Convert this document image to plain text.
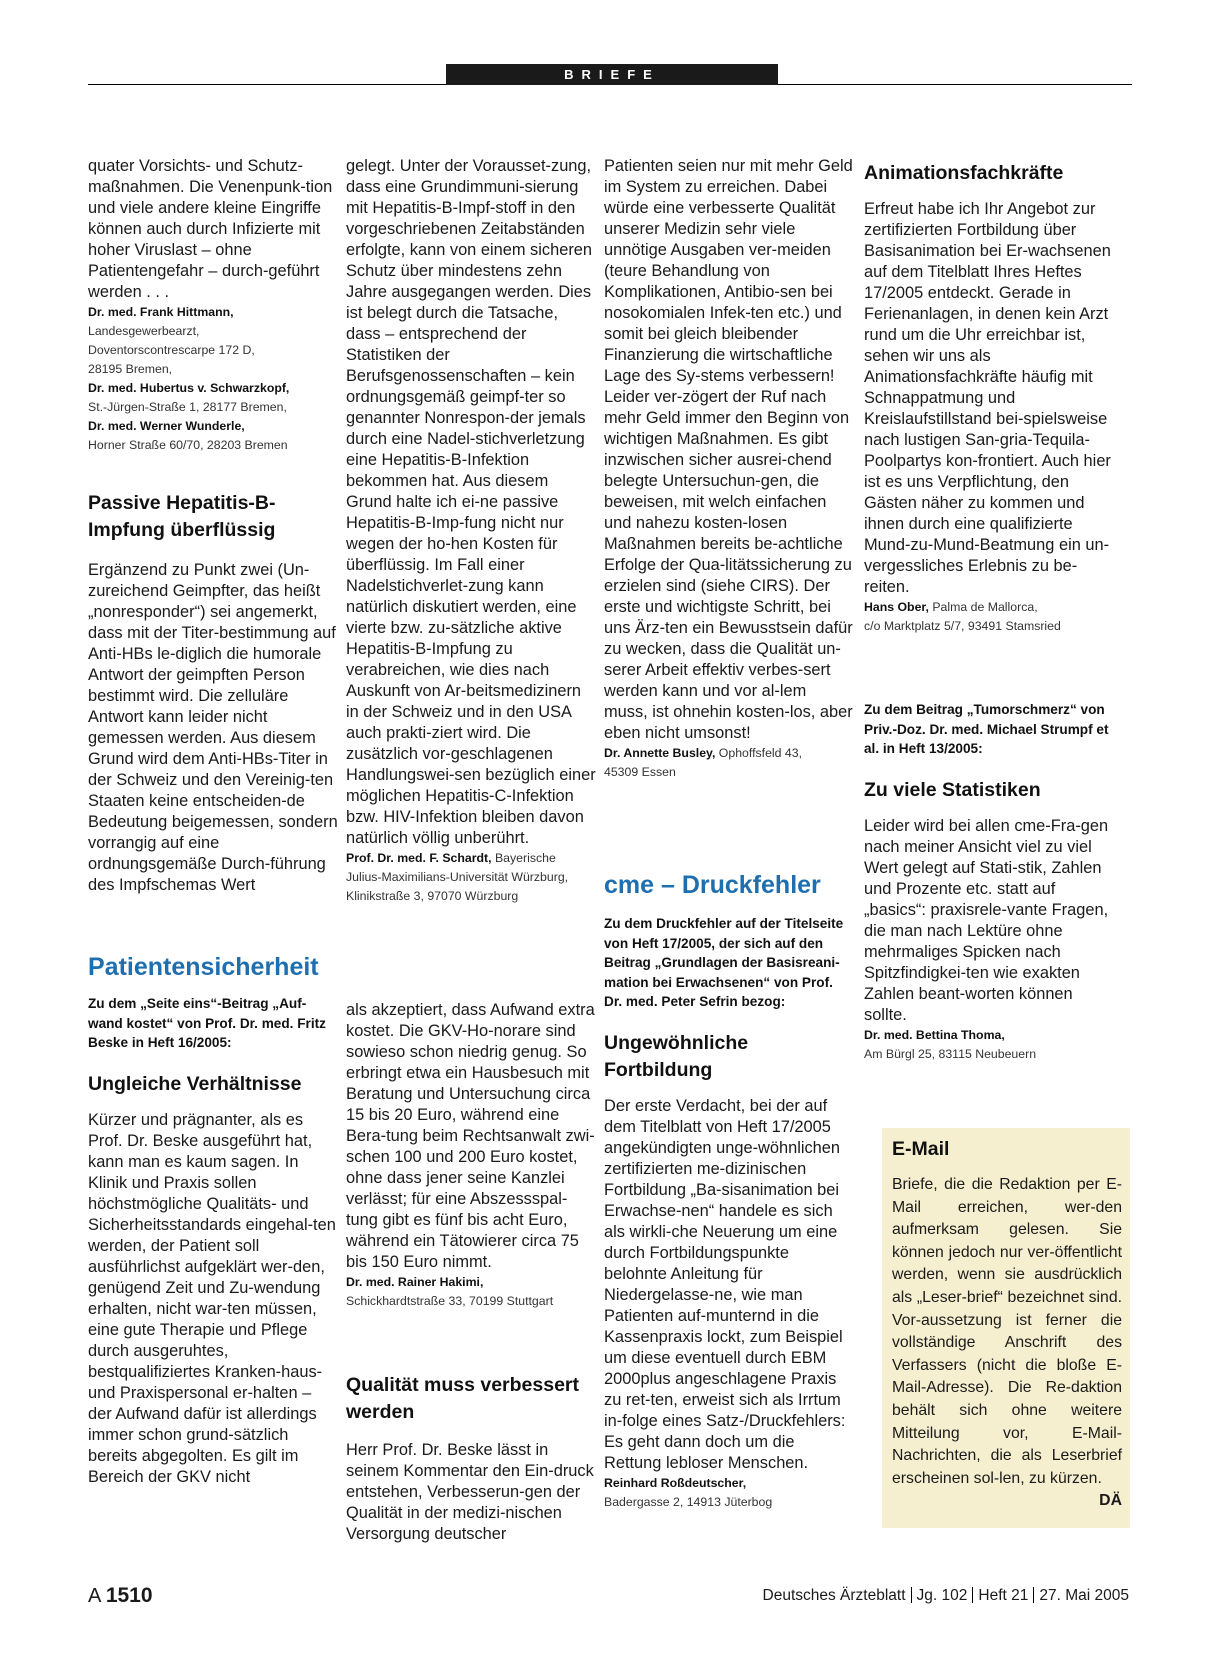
BRIEFE

quater Vorsichts- und Schutz-maßnahmen. Die Venenpunk-tion und viele andere kleine Eingriffe können auch durch Infizierte mit hoher Viruslast – ohne Patientengefahr – durch-geführt werden . . .

Dr. med. Frank Hittmann,
Landesgewerbearzt,
Doventorscontrescarpe 172 D,
28195 Bremen,
Dr. med. Hubertus v. Schwarzkopf,
St.-Jürgen-Straße 1, 28177 Bremen,
Dr. med. Werner Wunderle,
Horner Straße 60/70, 28203 Bremen
Passive Hepatitis-B-Impfung überflüssig

Ergänzend zu Punkt zwei (Un-zureichend Geimpfter, das heißt „nonresponder“) sei angemerkt, dass mit der Titer-bestimmung auf Anti-HBs le-diglich die humorale Antwort der geimpften Person bestimmt wird. Die zelluläre Antwort kann leider nicht gemessen werden. Aus diesem Grund wird dem Anti-HBs-Titer in der Schweiz und den Vereinig-ten Staaten keine entscheiden-de Bedeutung beigemessen, sondern vorrangig auf eine ordnungsgemäße Durch-führung des Impfschemas Wert

Patientensicherheit

Zu dem „Seite eins“-Beitrag „Auf-wand kostet“ von Prof. Dr. med. Fritz Beske in Heft 16/2005:

Ungleiche Verhältnisse

Kürzer und prägnanter, als es Prof. Dr. Beske ausgeführt hat, kann man es kaum sagen. In Klinik und Praxis sollen höchstmögliche Qualitäts- und Sicherheitsstandards eingehal-ten werden, der Patient soll ausführlichst aufgeklärt wer-den, genügend Zeit und Zu-wendung erhalten, nicht war-ten müssen, eine gute Therapie und Pflege durch ausgeruhtes, bestqualifiziertes Kranken-haus- und Praxispersonal er-halten – der Aufwand dafür ist allerdings immer schon grund-sätzlich bereits abgegolten. Es gilt im Bereich der GKV nicht

gelegt. Unter der Vorausset-zung, dass eine Grundimmuni-sierung mit Hepatitis-B-Impf-stoff in den vorgeschriebenen Zeitabständen erfolgte, kann von einem sicheren Schutz über mindestens zehn Jahre ausgegangen werden. Dies ist belegt durch die Tatsache, dass – entsprechend der Statistiken der Berufsgenossenschaften – kein ordnungsgemäß geimpf-ter so genannter Nonrespon-der jemals durch eine Nadel-stichverletzung eine Hepatitis-B-Infektion bekommen hat. Aus diesem Grund halte ich ei-ne passive Hepatitis-B-Imp-fung nicht nur wegen der ho-hen Kosten für überflüssig. Im Fall einer Nadelstichverlet-zung kann natürlich diskutiert werden, eine vierte bzw. zu-sätzliche aktive Hepatitis-B-Impfung zu verabreichen, wie dies nach Auskunft von Ar-beitsmedizinern in der Schweiz und in den USA auch prakti-ziert wird. Die zusätzlich vor-geschlagenen Handlungswei-sen bezüglich einer möglichen Hepatitis-C-Infektion bzw. HIV-Infektion bleiben davon natürlich völlig unberührt.

Prof. Dr. med. F. Schardt, Bayerische
Julius-Maximilians-Universität Würzburg,
Klinikstraße 3, 97070 Würzburg

als akzeptiert, dass Aufwand extra kostet. Die GKV-Ho-norare sind sowieso schon niedrig genug. So erbringt etwa ein Hausbesuch mit Beratung und Untersuchung circa 15 bis 20 Euro, während eine Bera-tung beim Rechtsanwalt zwi-schen 100 und 200 Euro kostet, ohne dass jener seine Kanzlei verlässt; für eine Abszessspal-tung gibt es fünf bis acht Euro, während ein Tätowierer circa 75 bis 150 Euro nimmt.

Dr. med. Rainer Hakimi,
Schickhardtstraße 33, 70199 Stuttgart
Qualität muss verbessert werden

Herr Prof. Dr. Beske lässt in seinem Kommentar den Ein-druck entstehen, Verbesserun-gen der Qualität in der medizi-nischen Versorgung deutscher

Patienten seien nur mit mehr Geld im System zu erreichen. Dabei würde eine verbesserte Qualität unserer Medizin sehr viele unnötige Ausgaben ver-meiden (teure Behandlung von Komplikationen, Antibio-sen bei nosokomialen Infek-ten etc.) und somit bei gleich bleibender Finanzierung die wirtschaftliche Lage des Sy-stems verbessern! Leider ver-zögert der Ruf nach mehr Geld immer den Beginn von wichtigen Maßnahmen. Es gibt inzwischen sicher ausrei-chend belegte Untersuchun-gen, die beweisen, mit welch einfachen und nahezu kosten-losen Maßnahmen bereits be-achtliche Erfolge der Qua-litätssicherung zu erzielen sind (siehe CIRS). Der erste und wichtigste Schritt, bei uns Ärz-ten ein Bewusstsein dafür zu wecken, dass die Qualität un-serer Arbeit effektiv verbes-sert werden kann und vor al-lem muss, ist ohnehin kosten-los, aber eben nicht umsonst!

Dr. Annette Busley, Ophoffsfeld 43,
45309 Essen
cme – Druckfehler

Zu dem Druckfehler auf der Titelseite von Heft 17/2005, der sich auf den Beitrag „Grundlagen der Basisreani-mation bei Erwachsenen“ von Prof. Dr. med. Peter Sefrin bezog:

Ungewöhnliche Fortbildung

Der erste Verdacht, bei der auf dem Titelblatt von Heft 17/2005 angekündigten unge-wöhnlichen zertifizierten me-dizinischen Fortbildung „Ba-sisanimation bei Erwachse-nen“ handele es sich als wirkli-che Neuerung um eine durch Fortbildungspunkte belohnte Anleitung für Niedergelasse-ne, wie man Patienten auf-munternd in die Kassenpraxis lockt, zum Beispiel um diese eventuell durch EBM 2000plus angeschlagene Praxis zu ret-ten, erweist sich als Irrtum in-folge eines Satz-/Druckfehlers: Es geht dann doch um die Rettung lebloser Menschen.

Reinhard Roßdeutscher,
Badergasse 2, 14913 Jüterbog
Animationsfachkräfte

Erfreut habe ich Ihr Angebot zur zertifizierten Fortbildung über Basisanimation bei Er-wachsenen auf dem Titelblatt Ihres Heftes 17/2005 entdeckt. Gerade in Ferienanlagen, in denen kein Arzt rund um die Uhr erreichbar ist, sehen wir uns als Animationsfachkräfte häufig mit Schnappatmung und Kreislaufstillstand bei-spielsweise nach lustigen San-gria-Tequila-Poolpartys kon-frontiert. Auch hier ist es uns Verpflichtung, den Gästen näher zu kommen und ihnen durch eine qualifizierte Mund-zu-Mund-Beatmung ein un-vergessliches Erlebnis zu be-reiten.

Hans Ober, Palma de Mallorca,
c/o Marktplatz 5/7, 93491 Stamsried

Zu dem Beitrag „Tumorschmerz“ von Priv.-Doz. Dr. med. Michael Strumpf et al. in Heft 13/2005:

Zu viele Statistiken

Leider wird bei allen cme-Fra-gen nach meiner Ansicht viel zu viel Wert gelegt auf Stati-stik, Zahlen und Prozente etc. statt auf „basics“: praxisrele-vante Fragen, die man nach Lektüre ohne mehrmaliges Spicken nach Spitzfindigkei-ten wie exakten Zahlen beant-worten können sollte.

Dr. med. Bettina Thoma,
Am Bürgl 25, 83115 Neubeuern
E-Mail

Briefe, die die Redaktion per E-Mail erreichen, wer-den aufmerksam gelesen. Sie können jedoch nur ver-öffentlicht werden, wenn sie ausdrücklich als „Leser-brief“ bezeichnet sind. Vor-aussetzung ist ferner die vollständige Anschrift des Verfassers (nicht die bloße E-Mail-Adresse). Die Re-daktion behält sich ohne weitere Mitteilung vor, E-Mail-Nachrichten, die als Leserbrief erscheinen sol-len, zu kürzen.
DÄ

A 1510	Deutsches Ärzteblatt Jg. 102 Heft 21 27. Mai 2005
